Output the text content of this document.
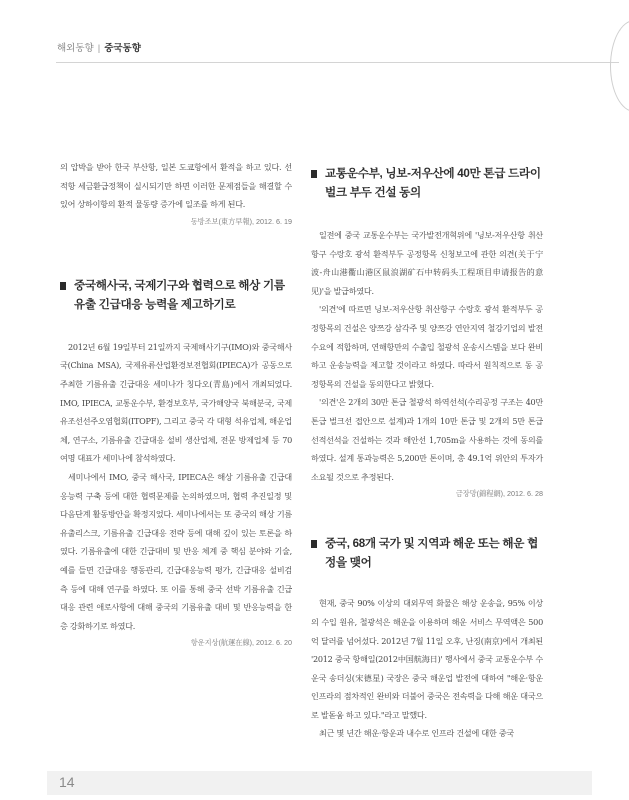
해외동향 | 중국동향

의 압박을 받아 한국 부산항, 일본 도쿄항에서 환적을 하고 있다. 선적항 세금환급정책이 실시되기만 하면 이러한 문제점들을 해결할 수 있어 상하이항의 환적 물동량 증가에 일조를 하게 된다.

동방조보(東方早報), 2012. 6. 19

중국해사국, 국제기구와 협력으로 해상 기름유출 긴급대응 능력을 제고하기로

2012년 6월 19일부터 21일까지 국제해사기구(IMO)와 중국해사국(China MSA), 국제유류산업환경보전협회(IPIECA)가 공동으로 주최한 기름유출 긴급대응 세미나가 칭다오(青島)에서 개최되었다. IMO, IPIECA, 교통운수부, 환경보호부, 국가해양국 북해분국, 국제유조선선주오염협회(ITOPF), 그리고 중국 각 대형 석유업체, 해운업체, 연구소, 기름유출 긴급대응 설비 생산업체, 전문 방제업체 등 70여명 대표가 세미나에 참석하였다.

세미나에서 IMO, 중국 해사국, IPIECA은 해상 기름유출 긴급대응능력 구축 등에 대한 협력문제를 논의하였으며, 협력 추진일정 및 다음단계 활동방안을 확정지었다. 세미나에서는 또 중국의 해상 기름유출리스크, 기름유출 긴급대응 전략 등에 대해 깊이 있는 토론을 하였다. 기름유출에 대한 긴급대비 및 반응 체계 중 핵심 분야와 기술, 예를 들면 긴급대응 행동관리, 긴급대응능력 평가, 긴급대응 설비검측 등에 대해 연구를 하였다. 또 이를 통해 중국 선박 기름유출 긴급대응 관련 애로사항에 대해 중국의 기름유출 대비 및 반응능력을 한층 강화하기로 하였다.

항운지상(航運在線), 2012. 6. 20

교통운수부, 닝보-저우산에 40만 톤급 드라이벌크 부두 건설 동의

일전에 중국 교통운수부는 국가발전개혁위에 '닝보-저우산항 취산항구 수랑호 광석 환적부두 공정항목 신청보고에 관한 의견(关于宁波-舟山港衢山港区鼠浪湖矿石中转码头工程项目申请报告的意见)'을 발급하였다.

'의견'에 따르면 닝보-저우산항 취산항구 수랑호 광석 환적부두 공정항목의 건설은 양쯔강 삼각주 및 양쯔강 연안지역 철강기업의 발전수요에 적합하며, 연해항만의 수출입 철광석 운송시스템을 보다 완비하고 운송능력을 제고할 것이라고 하였다. 따라서 원칙적으로 동 공정항목의 건설을 동의한다고 밝혔다.

'의견'은 2개의 30만 톤급 철광석 하역선석(수리공정 구조는 40만 톤급 벌크선 접안으로 설계)과 1개의 10만 톤급 및 2개의 5만 톤급 선적선석을 건설하는 것과 해안선 1,705m을 사용하는 것에 동의를 하였다. 설계 통과능력은 5,200만 톤이며, 총 49.1억 위안의 투자가 소요될 것으로 추정된다.

금장망(錦程網), 2012. 6. 28

중국, 68개 국가 및 지역과 해운 또는 해운 협정을 맺어

현재, 중국 90% 이상의 대외무역 화물은 해상 운송을, 95% 이상의 수입 원유, 철광석은 해운을 이용하며 해운 서비스 무역액은 500억 달러를 넘어섰다. 2012년 7월 11일 오후, 난징(南京)에서 개최된 '2012 중국 항해일(2012中国航海日)' 행사에서 중국 교통운수부 수운국 송더싱(宋德星) 국장은 중국 해운업 발전에 대하여 "해운·항운 인프라의 점차적인 완비와 더불어 중국은 전속력을 다해 해운 대국으로 발돋움 하고 있다."라고 말했다.

최근 몇 년간 해운·항운과 내수로 인프라 건설에 대한 중국

14
